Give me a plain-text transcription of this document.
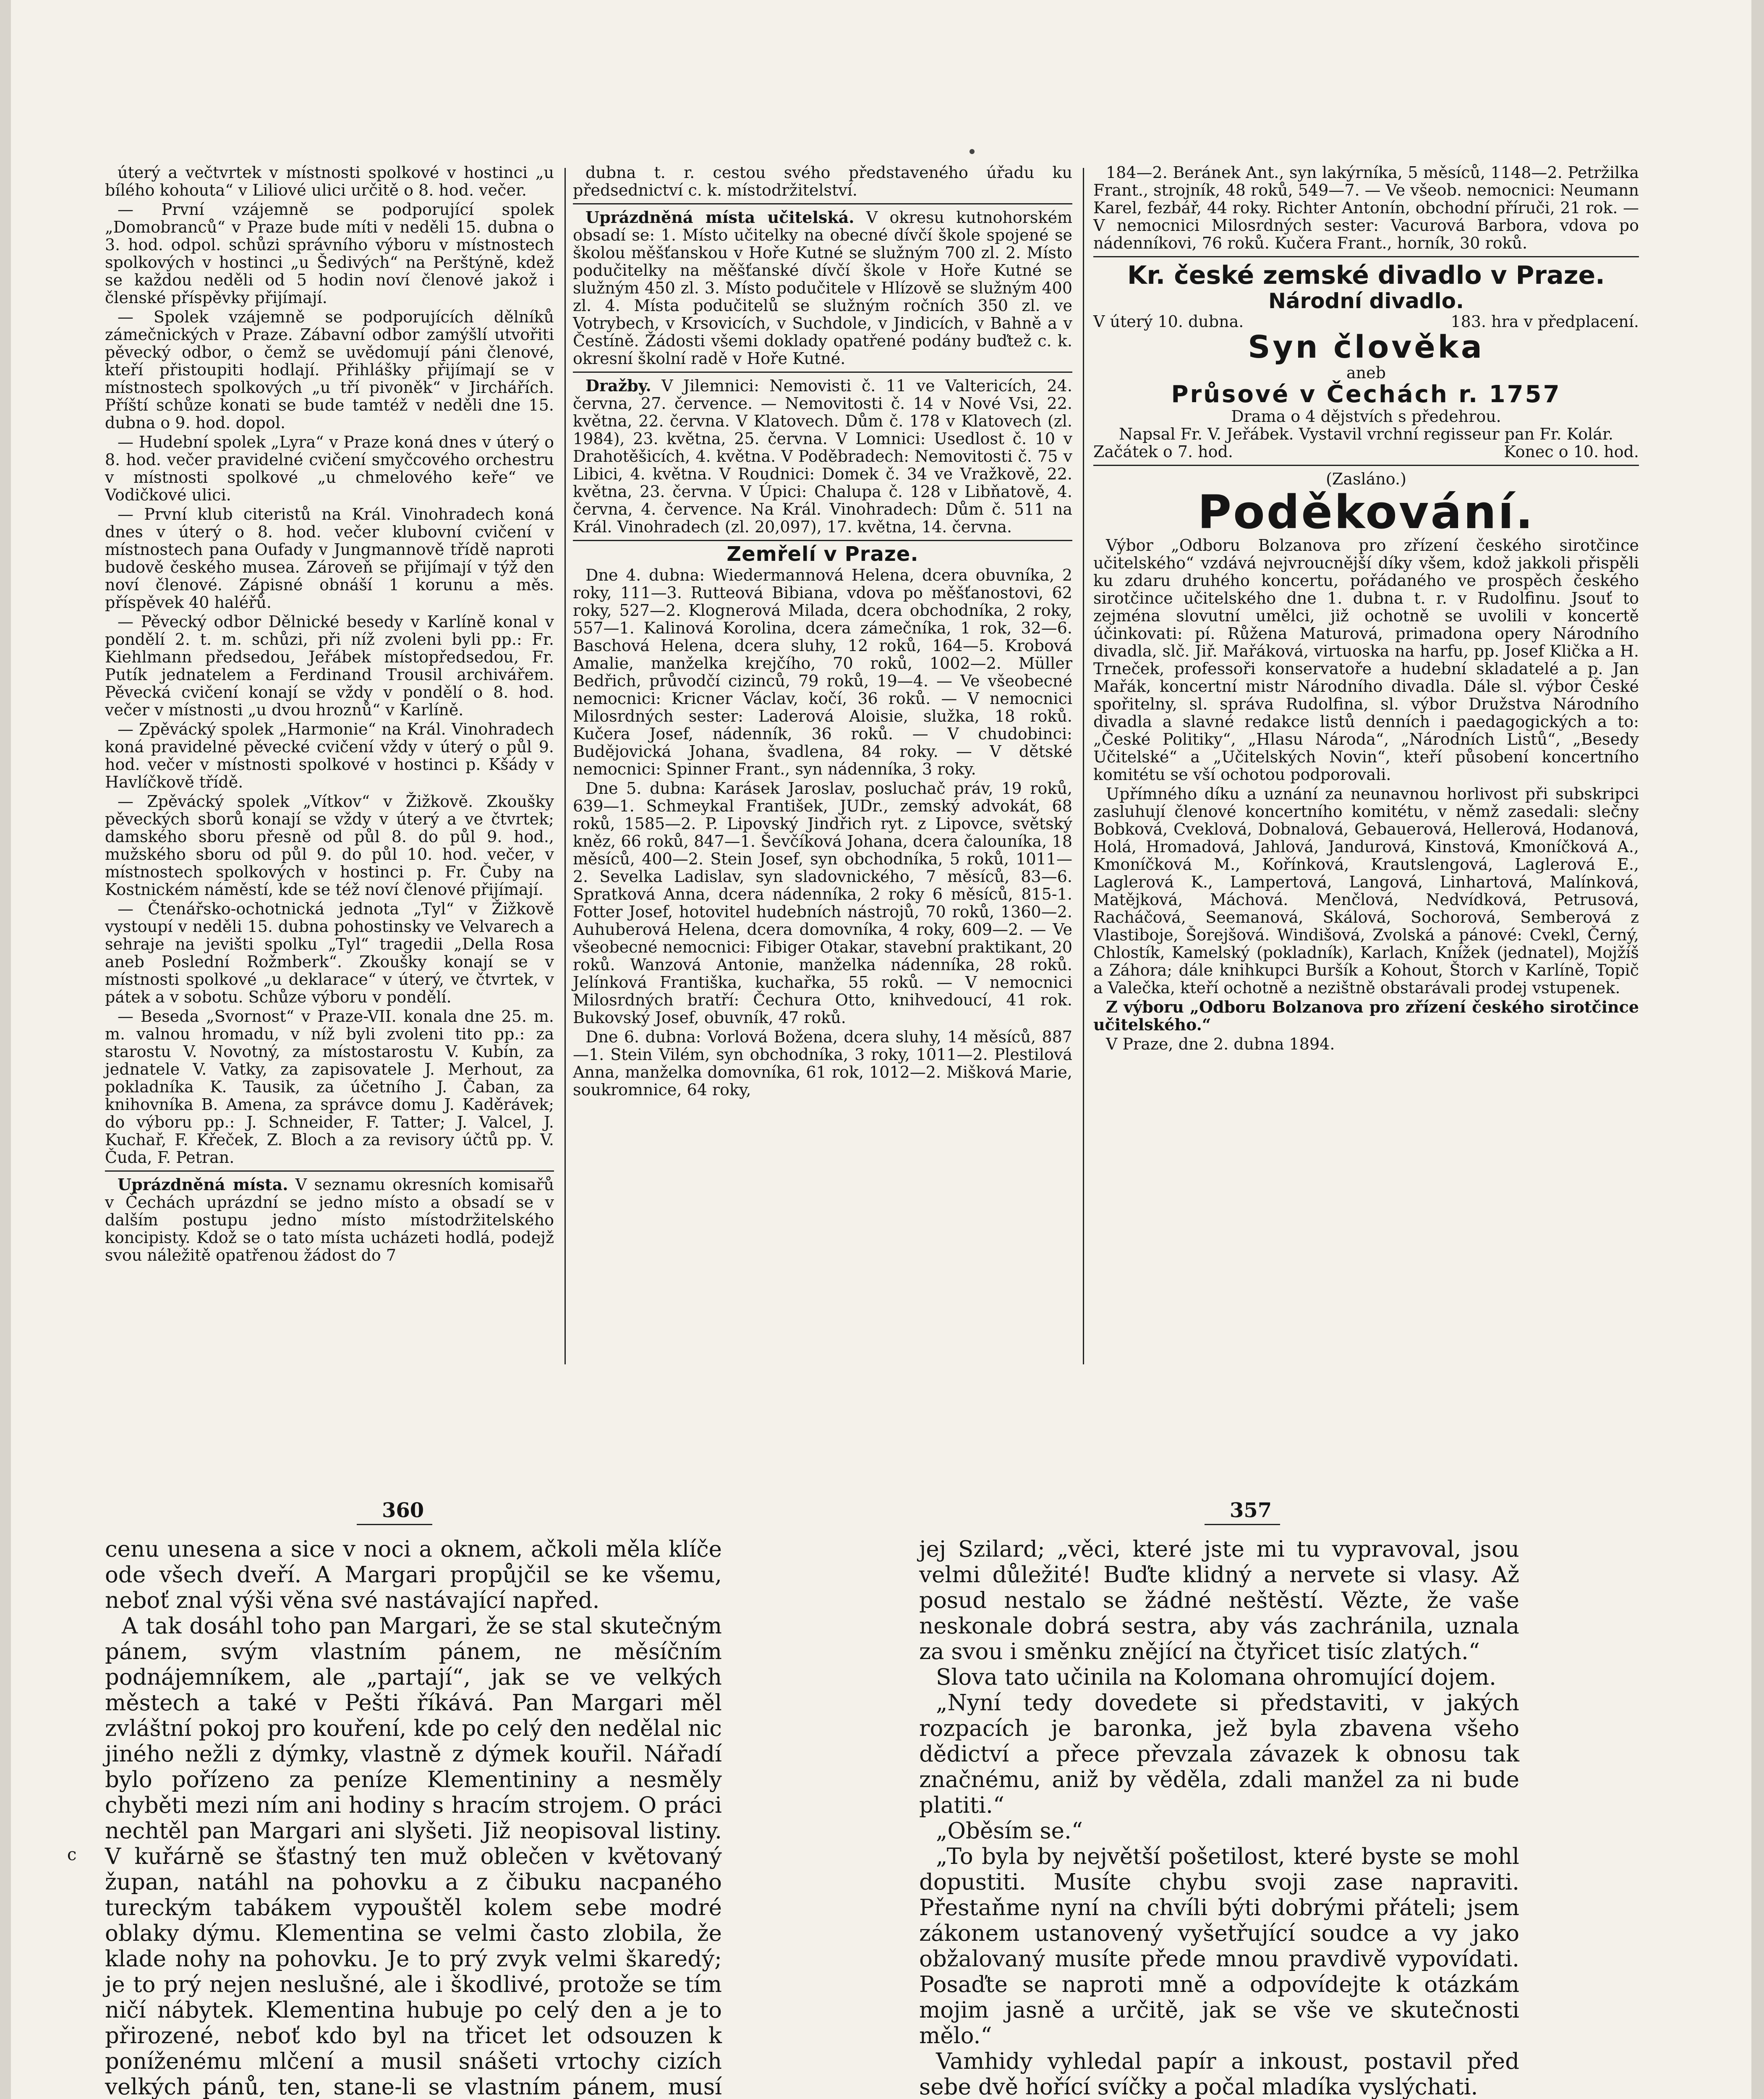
c

úterý a večtvrtek v místnosti spolkové v hostinci „u bílého kohouta“ v Liliové ulici určitě o 8. hod. večer.

— První vzájemně se podporující spolek „Domobranců“ v Praze bude míti v neděli 15. dubna o 3. hod. odpol. schůzi správního výboru v místnostech spolkových v hostinci „u Šedivých“ na Perštýně, kdež se každou neděli od 5 hodin noví členové jakož i členské příspěvky přijímají.

— Spolek vzájemně se podporujících dělníků zámečnických v Praze. Zábavní odbor zamýšlí utvořiti pěvecký odbor, o čemž se uvědomují páni členové, kteří přistoupiti hodlají. Přihlášky přijímají se v místnostech spolkových „u tří pivoněk“ v Jirchářích. Příští schůze konati se bude tamtéž v neděli dne 15. dubna o 9. hod. dopol.

— Hudební spolek „Lyra“ v Praze koná dnes v úterý o 8. hod. večer pravidelné cvičení smyčcového orchestru v místnosti spolkové „u chmelového keře“ ve Vodičkové ulici.

— První klub citeristů na Král. Vinohradech koná dnes v úterý o 8. hod. večer klubovní cvičení v místnostech pana Oufady v Jungmannově třídě naproti budově českého musea. Zároveň se přijímají v týž den noví členové. Zápisné obnáší 1 korunu a měs. příspěvek 40 haléřů.

— Pěvecký odbor Dělnické besedy v Karlíně konal v pondělí 2. t. m. schůzi, při níž zvoleni byli pp.: Fr. Kiehlmann předsedou, Jeřábek místopředsedou, Fr. Putík jednatelem a Ferdinand Trousil archivářem. Pěvecká cvičení konají se vždy v pondělí o 8. hod. večer v místnosti „u dvou hroznů“ v Karlíně.

— Zpěvácký spolek „Harmonie“ na Král. Vinohradech koná pravidelné pěvecké cvičení vždy v úterý o půl 9. hod. večer v místnosti spolkové v hostinci p. Kšády v Havlíčkově třídě.

— Zpěvácký spolek „Vítkov“ v Žižkově. Zkoušky pěveckých sborů konají se vždy v úterý a ve čtvrtek; damského sboru přesně od půl 8. do půl 9. hod., mužského sboru od půl 9. do půl 10. hod. večer, v místnostech spolkových v hostinci p. Fr. Čuby na Kostnickém náměstí, kde se též noví členové přijímají.

— Čtenářsko-ochotnická jednota „Tyl“ v Žižkově vystoupí v neděli 15. dubna pohostinsky ve Velvarech a sehraje na jevišti spolku „Tyl“ tragedii „Della Rosa aneb Poslední Rožmberk“. Zkoušky konají se v místnosti spolkové „u deklarace“ v úterý, ve čtvrtek, v pátek a v sobotu. Schůze výboru v pondělí.

— Beseda „Svornost“ v Praze-VII. konala dne 25. m. m. valnou hromadu, v níž byli zvoleni tito pp.: za starostu V. Novotný, za místostarostu V. Kubín, za jednatele V. Vatky, za zapisovatele J. Merhout, za pokladníka K. Tausik, za účetního J. Čaban, za knihovníka B. Amena, za správce domu J. Kaděrávek; do výboru pp.: J. Schneider, F. Tatter; J. Valcel, J. Kuchař, F. Křeček, Z. Bloch a za revisory účtů pp. V. Čuda, F. Petran.

Uprázdněná místa. V seznamu okresních komisařů v Čechách uprázdní se jedno místo a obsadí se v dalším postupu jedno místo místodržitelského koncipisty. Kdož se o tato místa ucházeti hodlá, podejž svou náležitě opatřenou žádost do 7

dubna t. r. cestou svého představeného úřadu ku předsednictví c. k. místodržitelství.

Uprázdněná místa učitelská. V okresu kutnohorském obsadí se: 1. Místo učitelky na obecné dívčí škole spojené se školou měšťanskou v Hoře Kutné se služným 700 zl. 2. Místo podučitelky na měšťanské dívčí škole v Hoře Kutné se služným 450 zl. 3. Místo podučitele v Hlízově se služným 400 zl. 4. Místa podučitelů se služným ročních 350 zl. ve Votrybech, v Krsovicích, v Suchdole, v Jindicích, v Bahně a v Čestíně. Žádosti všemi doklady opatřené podány buďtež c. k. okresní školní radě v Hoře Kutné.

Dražby. V Jilemnici: Nemovisti č. 11 ve Valtericích, 24. června, 27. července. — Nemovitosti č. 14 v Nové Vsi, 22. května, 22. června. V Klatovech. Dům č. 178 v Klatovech (zl. 1984), 23. května, 25. června. V Lomnici: Usedlost č. 10 v Drahotěšicích, 4. května. V Poděbradech: Nemovitosti č. 75 v Libici, 4. května. V Roudnici: Domek č. 34 ve Vražkově, 22. května, 23. června. V Úpici: Chalupa č. 128 v Libňatově, 4. června, 4. července. Na Král. Vinohradech: Dům č. 511 na Král. Vinohradech (zl. 20,097), 17. května, 14. června.

Zemřelí v Praze.

Dne 4. dubna: Wiedermannová Helena, dcera obuvníka, 2 roky, 111—3. Rutteová Bibiana, vdova po měšťanostovi, 62 roky, 527—2. Klognerová Milada, dcera obchodníka, 2 roky, 557—1. Kalinová Korolina, dcera zámečníka, 1 rok, 32—6. Baschová Helena, dcera sluhy, 12 roků, 164—5. Krobová Amalie, manželka krejčího, 70 roků, 1002—2. Müller Bedřich, průvodčí cizinců, 79 roků, 19—4. — Ve všeobecné nemocnici: Kricner Václav, kočí, 36 roků. — V nemocnici Milosrdných sester: Laderová Aloisie, služka, 18 roků. Kučera Josef, nádenník, 36 roků. — V chudobinci: Budějovická Johana, švadlena, 84 roky. — V dětské nemocnici: Spinner Frant., syn nádenníka, 3 roky.

Dne 5. dubna: Karásek Jaroslav, posluchač práv, 19 roků, 639—1. Schmeykal František, JUDr., zemský advokát, 68 roků, 1585—2. P. Lipovský Jindřich ryt. z Lipovce, světský kněz, 66 roků, 847—1. Ševčíková Johana, dcera čalouníka, 18 měsíců, 400—2. Stein Josef, syn obchodníka, 5 roků, 1011—2. Sevelka Ladislav, syn sladovnického, 7 měsíců, 83—6. Spratková Anna, dcera nádenníka, 2 roky 6 měsíců, 815-1. Fotter Josef, hotovitel hudebních nástrojů, 70 roků, 1360—2. Auhuberová Helena, dcera domovníka, 4 roky, 609—2. — Ve všeobecné nemocnici: Fibiger Otakar, stavební praktikant, 20 roků. Wanzová Antonie, manželka nádenníka, 28 roků. Jelínková Františka, kuchařka, 55 roků. — V nemocnici Milosrdných bratří: Čechura Otto, knihvedoucí, 41 rok. Bukovský Josef, obuvník, 47 roků.

Dne 6. dubna: Vorlová Božena, dcera sluhy, 14 měsíců, 887—1. Stein Vilém, syn obchodníka, 3 roky, 1011—2. Plestilová Anna, manželka domovníka, 61 rok, 1012—2. Mišková Marie, soukromnice, 64 roky,

184—2. Beránek Ant., syn lakýrníka, 5 měsíců, 1148—2. Petržilka Frant., strojník, 48 roků, 549—7. — Ve všeob. nemocnici: Neumann Karel, fezbář, 44 roky. Richter Antonín, obchodní příruči, 21 rok. — V nemocnici Milosrdných sester: Vacurová Barbora, vdova po nádenníkovi, 76 roků. Kučera Frant., horník, 30 roků.

Kr. české zemské divadlo v Praze.
Národní divadlo.
V úterý 10. dubna.	183. hra v předplacení.
Syn člověka
aneb
Průsové v Čechách r. 1757
Drama o 4 dějstvích s předehrou.
Napsal Fr. V. Jeřábek. Vystavil vrchní regisseur pan Fr. Kolár.
Začátek o 7. hod.	Konec o 10. hod.
(Zasláno.)
Poděkování.

Výbor „Odboru Bolzanova pro zřízení českého sirotčince učitelského“ vzdává nejvroucnější díky všem, kdož jakkoli přispěli ku zdaru druhého koncertu, pořádaného ve prospěch českého sirotčince učitelského dne 1. dubna t. r. v Rudolfinu. Jsouť to zejména slovutní umělci, již ochotně se uvolili v koncertě účinkovati: pí. Růžena Maturová, primadona opery Národního divadla, slč. Jiř. Mařáková, virtuoska na harfu, pp. Josef Klička a H. Trneček, professoři konservatoře a hudební skladatelé a p. Jan Mařák, koncertní mistr Národního divadla. Dále sl. výbor České spořitelny, sl. správa Rudolfina, sl. výbor Družstva Národního divadla a slavné redakce listů denních i paedagogických a to: „České Politiky“, „Hlasu Národa“, „Národních Listů“, „Besedy Učitelské“ a „Učitelských Novin“, kteří působení koncertního komitétu se vší ochotou podporovali.

Upřímného díku a uznání za neunavnou horlivost při subskripci zasluhují členové koncertního komitétu, v němž zasedali: slečny Bobková, Cveklová, Dobnalová, Gebauerová, Hellerová, Hodanová, Holá, Hromadová, Jahlová, Jandurová, Kinstová, Kmoníčková A., Kmoníčková M., Kořínková, Krautslengová, Laglerová E., Laglerová K., Lampertová, Langová, Linhartová, Malínková, Matějková, Máchová. Menčlová, Nedvídková, Petrusová, Racháčová, Seemanová, Skálová, Sochorová, Semberová z Vlastiboje, Šorejšová. Windišová, Zvolská a pánové: Cvekl, Černý, Chlostík, Kamelský (pokladník), Karlach, Knížek (jednatel), Mojžíš a Záhora; dále knihkupci Buršík a Kohout, Štorch v Karlíně, Topič a Valečka, kteří ochotně a nezištně obstarávali prodej vstupenek.

Z výboru „Odboru Bolzanova pro zřízení českého sirotčince učitelského.“

V Praze, dne 2. dubna 1894.

360	357

cenu unesena a sice v noci a oknem, ačkoli měla klíče ode všech dveří. A Margari propůjčil se ke všemu, neboť znal výši věna své nastávající napřed.

A tak dosáhl toho pan Margari, že se stal skutečným pánem, svým vlastním pánem, ne měsíčním podnájemníkem, ale „partají“, jak se ve velkých městech a také v Pešti říkává. Pan Margari měl zvláštní pokoj pro kouření, kde po celý den nedělal nic jiného nežli z dýmky, vlastně z dýmek kouřil. Nářadí bylo pořízeno za peníze Klementininy a nesměly chyběti mezi ním ani hodiny s hracím strojem. O práci nechtěl pan Margari ani slyšeti. Již neopisoval listiny. V kuřárně se šťastný ten muž oblečen v květovaný župan, natáhl na pohovku a z čibuku nacpaného tureckým tabákem vypouštěl kolem sebe modré oblaky dýmu. Klementina se velmi často zlobila, že klade nohy na pohovku. Je to prý zvyk velmi škaredý; je to prý nejen neslušné, ale i škodlivé, protože se tím ničí nábytek. Klementina hubuje po celý den a je to přirozené, neboť kdo byl na třicet let odsouzen k poníženému mlčení a musil snášeti vrtochy cizích velkých pánů, ten, stane-li se vlastním pánem, musí

jej Szilard; „věci, které jste mi tu vypravoval, jsou velmi důležité! Buďte klidný a nervete si vlasy. Až posud nestalo se žádné neštěstí. Vězte, že vaše neskonale dobrá sestra, aby vás zachránila, uznala za svou i směnku znějící na čtyřicet tisíc zlatých.“

Slova tato učinila na Kolomana ohromující dojem.

„Nyní tedy dovedete si představiti, v jakých rozpacích je baronka, jež byla zbavena všeho dědictví a přece převzala závazek k obnosu tak značnému, aniž by věděla, zdali manžel za ni bude platiti.“

„Oběsím se.“

„To byla by největší pošetilost, které byste se mohl dopustiti. Musíte chybu svoji zase napraviti. Přestaňme nyní na chvíli býti dobrými přáteli; jsem zákonem ustanovený vyšetřující soudce a vy jako obžalovaný musíte přede mnou pravdivě vypovídati. Posaďte se naproti mně a odpovídejte k otázkám mojim jasně a určitě, jak se vše ve skutečnosti mělo.“

Vamhidy vyhledal papír a inkoust, postavil před sebe dvě hořící svíčky a počal mladíka vyslýchati.
